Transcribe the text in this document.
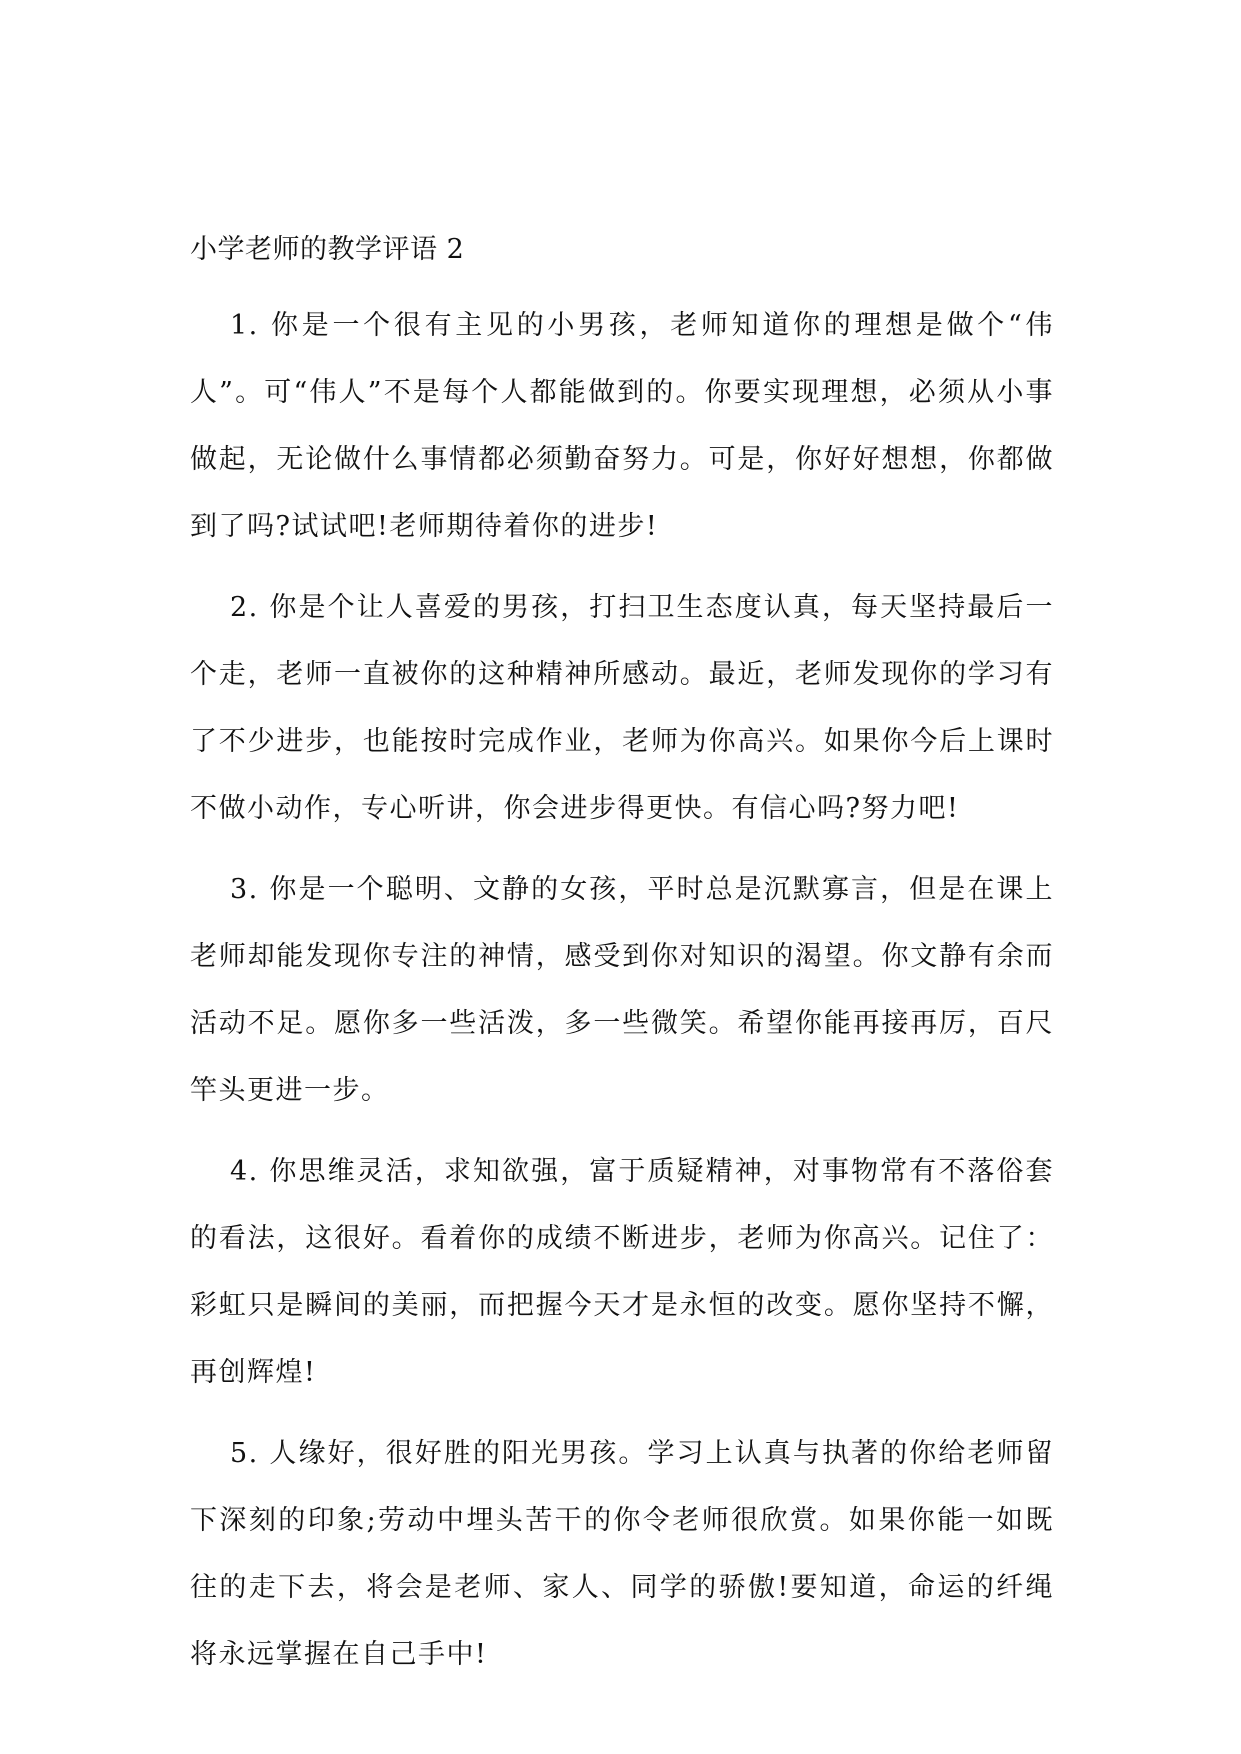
小学老师的教学评语 2

1. 你是一个很有主见的小男孩，老师知道你的理想是做个“伟人”。可“伟人”不是每个人都能做到的。你要实现理想，必须从小事做起，无论做什么事情都必须勤奋努力。可是，你好好想想，你都做到了吗?试试吧!老师期待着你的进步!

2. 你是个让人喜爱的男孩，打扫卫生态度认真，每天坚持最后一个走，老师一直被你的这种精神所感动。最近，老师发现你的学习有了不少进步，也能按时完成作业，老师为你高兴。如果你今后上课时不做小动作，专心听讲，你会进步得更快。有信心吗?努力吧!

3. 你是一个聪明、文静的女孩，平时总是沉默寡言，但是在课上老师却能发现你专注的神情，感受到你对知识的渴望。你文静有余而活动不足。愿你多一些活泼，多一些微笑。希望你能再接再厉，百尺竿头更进一步。

4. 你思维灵活，求知欲强，富于质疑精神，对事物常有不落俗套的看法，这很好。看着你的成绩不断进步，老师为你高兴。记住了：彩虹只是瞬间的美丽，而把握今天才是永恒的改变。愿你坚持不懈，再创辉煌!

5. 人缘好，很好胜的阳光男孩。学习上认真与执著的你给老师留下深刻的印象;劳动中埋头苦干的你令老师很欣赏。如果你能一如既往的走下去，将会是老师、家人、同学的骄傲!要知道，命运的纤绳将永远掌握在自己手中!
